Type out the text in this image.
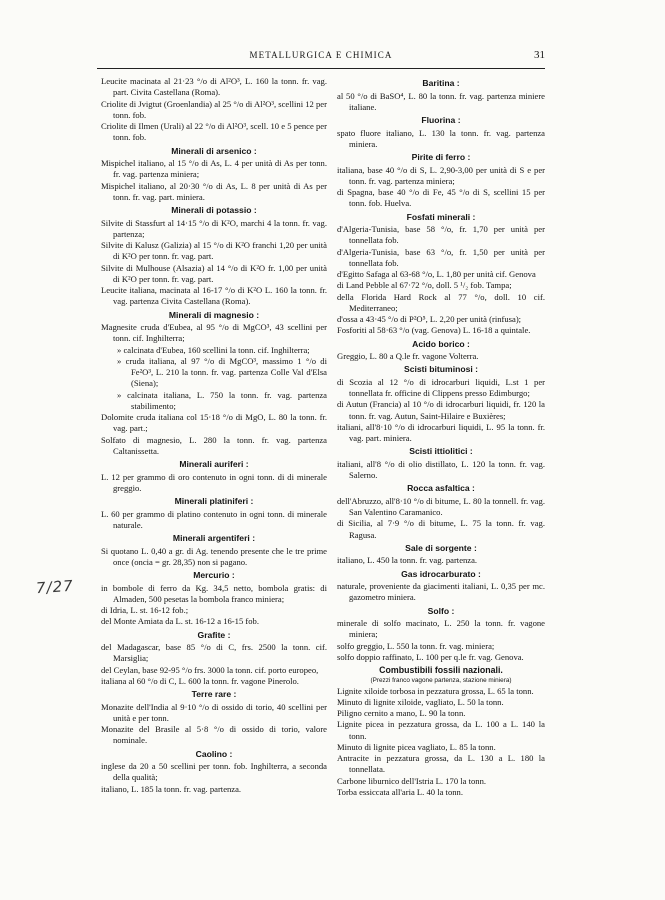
METALLURGICA E CHIMICA	31
7/27
Leucite macinata al 21·23 °/o di Al²O³, L. 160 la tonn. fr. vag. part. Civita Castellana (Roma).
Criolite di Jvigtut (Groenlandia) al 25 °/o di Al²O³, scellini 12 per tonn. fob.
Criolite di Ilmen (Urali) al 22 °/o di Al²O³, scell. 10 e 5 pence per tonn. fob.
Minerali di arsenico :
Mispichel italiano, al 15 °/o di As, L. 4 per unità di As per tonn. fr. vag. partenza miniera;
Mispichel italiano, al 20·30 °/o di As, L. 8 per unità di As per tonn. fr. vag. part. miniera.
Minerali di potassio :
Silvite di Stassfurt al 14·15 °/o di K²O, marchi 4 la tonn. fr. vag. partenza;
Silvite di Kalusz (Galizia) al 15 °/o di K²O franchi 1,20 per unità di K²O per tonn. fr. vag. part.
Silvite di Mulhouse (Alsazia) al 14 °/o di K²O fr. 1,00 per unità di K²O per tonn. fr. vag. part.
Leucite italiana, macinata al 16-17 °/o di K²O L. 160 la tonn. fr. vag. partenza Civita Castellana (Roma).
Minerali di magnesio :
Magnesite cruda d'Eubea, al 95 °/o di MgCO³, 43 scellini per tonn. cif. Inghilterra;
» calcinata d'Eubea, 160 scellini la tonn. cif. Inghilterra;
» cruda italiana, al 97 °/o di MgCO³, massimo 1 °/o di Fe²O³, L. 210 la tonn. fr. vag. partenza Colle Val d'Elsa (Siena);
» calcinata italiana, L. 750 la tonn. fr. vag. partenza stabilimento;
Dolomite cruda italiana col 15·18 °/o di MgO, L. 80 la tonn. fr. vag. part.;
Solfato di magnesio, L. 280 la tonn. fr. vag. partenza Caltanissetta.
Minerali auriferi :
L. 12 per grammo di oro contenuto in ogni tonn. di di minerale greggio.
Minerali platiniferi :
L. 60 per grammo di platino contenuto in ogni tonn. di minerale naturale.
Minerali argentiferi :
Si quotano L. 0,40 a gr. di Ag. tenendo presente che le tre prime once (oncia = gr. 28,35) non si pagano.
Mercurio :
in bombole di ferro da Kg. 34,5 netto, bombola gratis: di Almaden, 500 pesetas la bombola franco miniera;
di Idria, L. st. 16-12 fob.;
del Monte Amiata da L. st. 16-12 a 16-15 fob.
Grafite :
del Madagascar, base 85 °/o di C, frs. 2500 la tonn. cif. Marsiglia;
del Ceylan, base 92-95 °/o frs. 3000 la tonn. cif. porto europeo,
italiana al 60 °/o di C, L. 600 la tonn. fr. vagone Pinerolo.
Terre rare :
Monazite dell'India al 9·10 °/o di ossido di torio, 40 scellini per unità e per tonn.
Monazite del Brasile al 5·8 °/o di ossido di torio, valore nominale.
Caolino :
inglese da 20 a 50 scellini per tonn. fob. Inghilterra, a seconda della qualità;
italiano, L. 185 la tonn. fr. vag. partenza.
Baritina :
al 50 °/o di BaSO⁴, L. 80 la tonn. fr. vag. partenza miniere italiane.
Fluorina :
spato fluore italiano, L. 130 la tonn. fr. vag. partenza miniera.
Pirite di ferro :
italiana, base 40 °/o di S, L. 2,90-3,00 per unità di S e per tonn. fr. vag. partenza miniera;
di Spagna, base 40 °/o di Fe, 45 °/o di S, scellini 15 per tonn. fob. Huelva.
Fosfati minerali :
d'Algeria-Tunisia, base 58 °/o, fr. 1,70 per unità per tonnellata fob.
d'Algeria-Tunisia, base 63 °/o, fr. 1,50 per unità per tonnellata fob.
d'Egitto Safaga al 63-68 °/o, L. 1,80 per unità cif. Genova
di Land Pebble al 67·72 °/o, doll. 5 ¹/₂ fob. Tampa;
della Florida Hard Rock al 77 °/o, doll. 10 cif. Mediterraneo;
d'ossa a 43·45 °/o di P²O⁵, L. 2,20 per unità (rinfusa);
Fosforiti al 58·63 °/o (vag. Genova) L. 16-18 a quintale.
Acido borico :
Greggio, L. 80 a Q.le fr. vagone Volterra.
Scisti bituminosi :
di Scozia al 12 °/o di idrocarburi liquidi, L.st 1 per tonnellata fr. officine di Clippens presso Edimburgo;
di Autun (Francia) al 10 °/o di idrocarburi liquidi, fr. 120 la tonn. fr. vag. Autun, Saint-Hilaire e Buxières;
italiani, all'8·10 °/o di idrocarburi liquidi, L. 95 la tonn. fr. vag. part. miniera.
Scisti ittiolitici :
italiani, all'8 °/o di olio distillato, L. 120 la tonn. fr. vag. Salerno.
Rocca asfaltica :
dell'Abruzzo, all'8·10 °/o di bitume, L. 80 la tonnell. fr. vag. San Valentino Caramanico.
di Sicilia, al 7·9 °/o di bitume, L. 75 la tonn. fr. vag. Ragusa.
Sale di sorgente :
italiano, L. 450 la tonn. fr. vag. partenza.
Gas idrocarburato :
naturale, proveniente da giacimenti italiani, L. 0,35 per mc. gazometro miniera.
Solfo :
minerale di solfo macinato, L. 250 la tonn. fr. vagone miniera;
solfo greggio, L. 550 la tonn. fr. vag. miniera;
solfo doppio raffinato, L. 100 per q.le fr. vag. Genova.
Combustibili fossili nazionali.
(Prezzi franco vagone partenza, stazione miniera)
Lignite xiloide torbosa in pezzatura grossa, L. 65 la tonn.
Minuto di lignite xiloide, vagliato, L. 50 la tonn.
Piligno cernito a mano, L. 90 la tonn.
Lignite picea in pezzatura grossa, da L. 100 a L. 140 la tonn.
Minuto di lignite picea vagliato, L. 85 la tonn.
Antracite in pezzatura grossa, da L. 130 a L. 180 la tonnellata.
Carbone liburnico dell'Istria L. 170 la tonn.
Torba essiccata all'aria L. 40 la tonn.
